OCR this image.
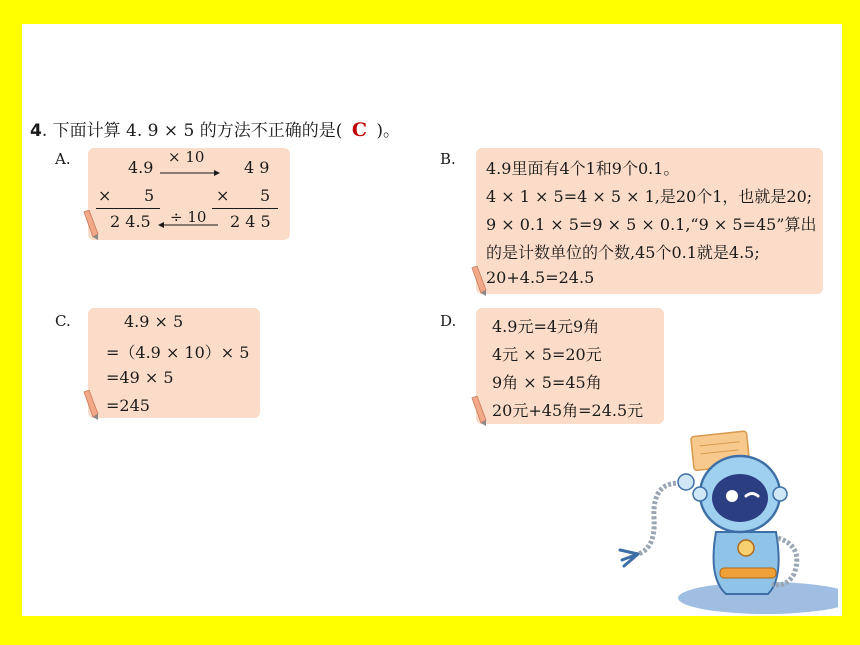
4. 下面计算 4. 9 × 5 的方法不正确的是( C )。
A.	4.9
× 5
2 4.5
4 9
× 5
2 4 5
× 10
÷ 10
B. 4.9里面有4个1和9个0.1。
4 × 1 × 5=4 × 5 × 1,是20个1，也就是20;
9 × 0.1 × 5=9 × 5 × 0.1,“9 × 5=45”算出
的是计数单位的个数,45个0.1就是4.5;
20+4.5=24.5
C.	4.9 × 5
=（4.9 × 10）× 5
=49 × 5
=245
D. 4.9元=4元9角
4元 × 5=20元
9角 × 5=45角
20元+45角=24.5元
